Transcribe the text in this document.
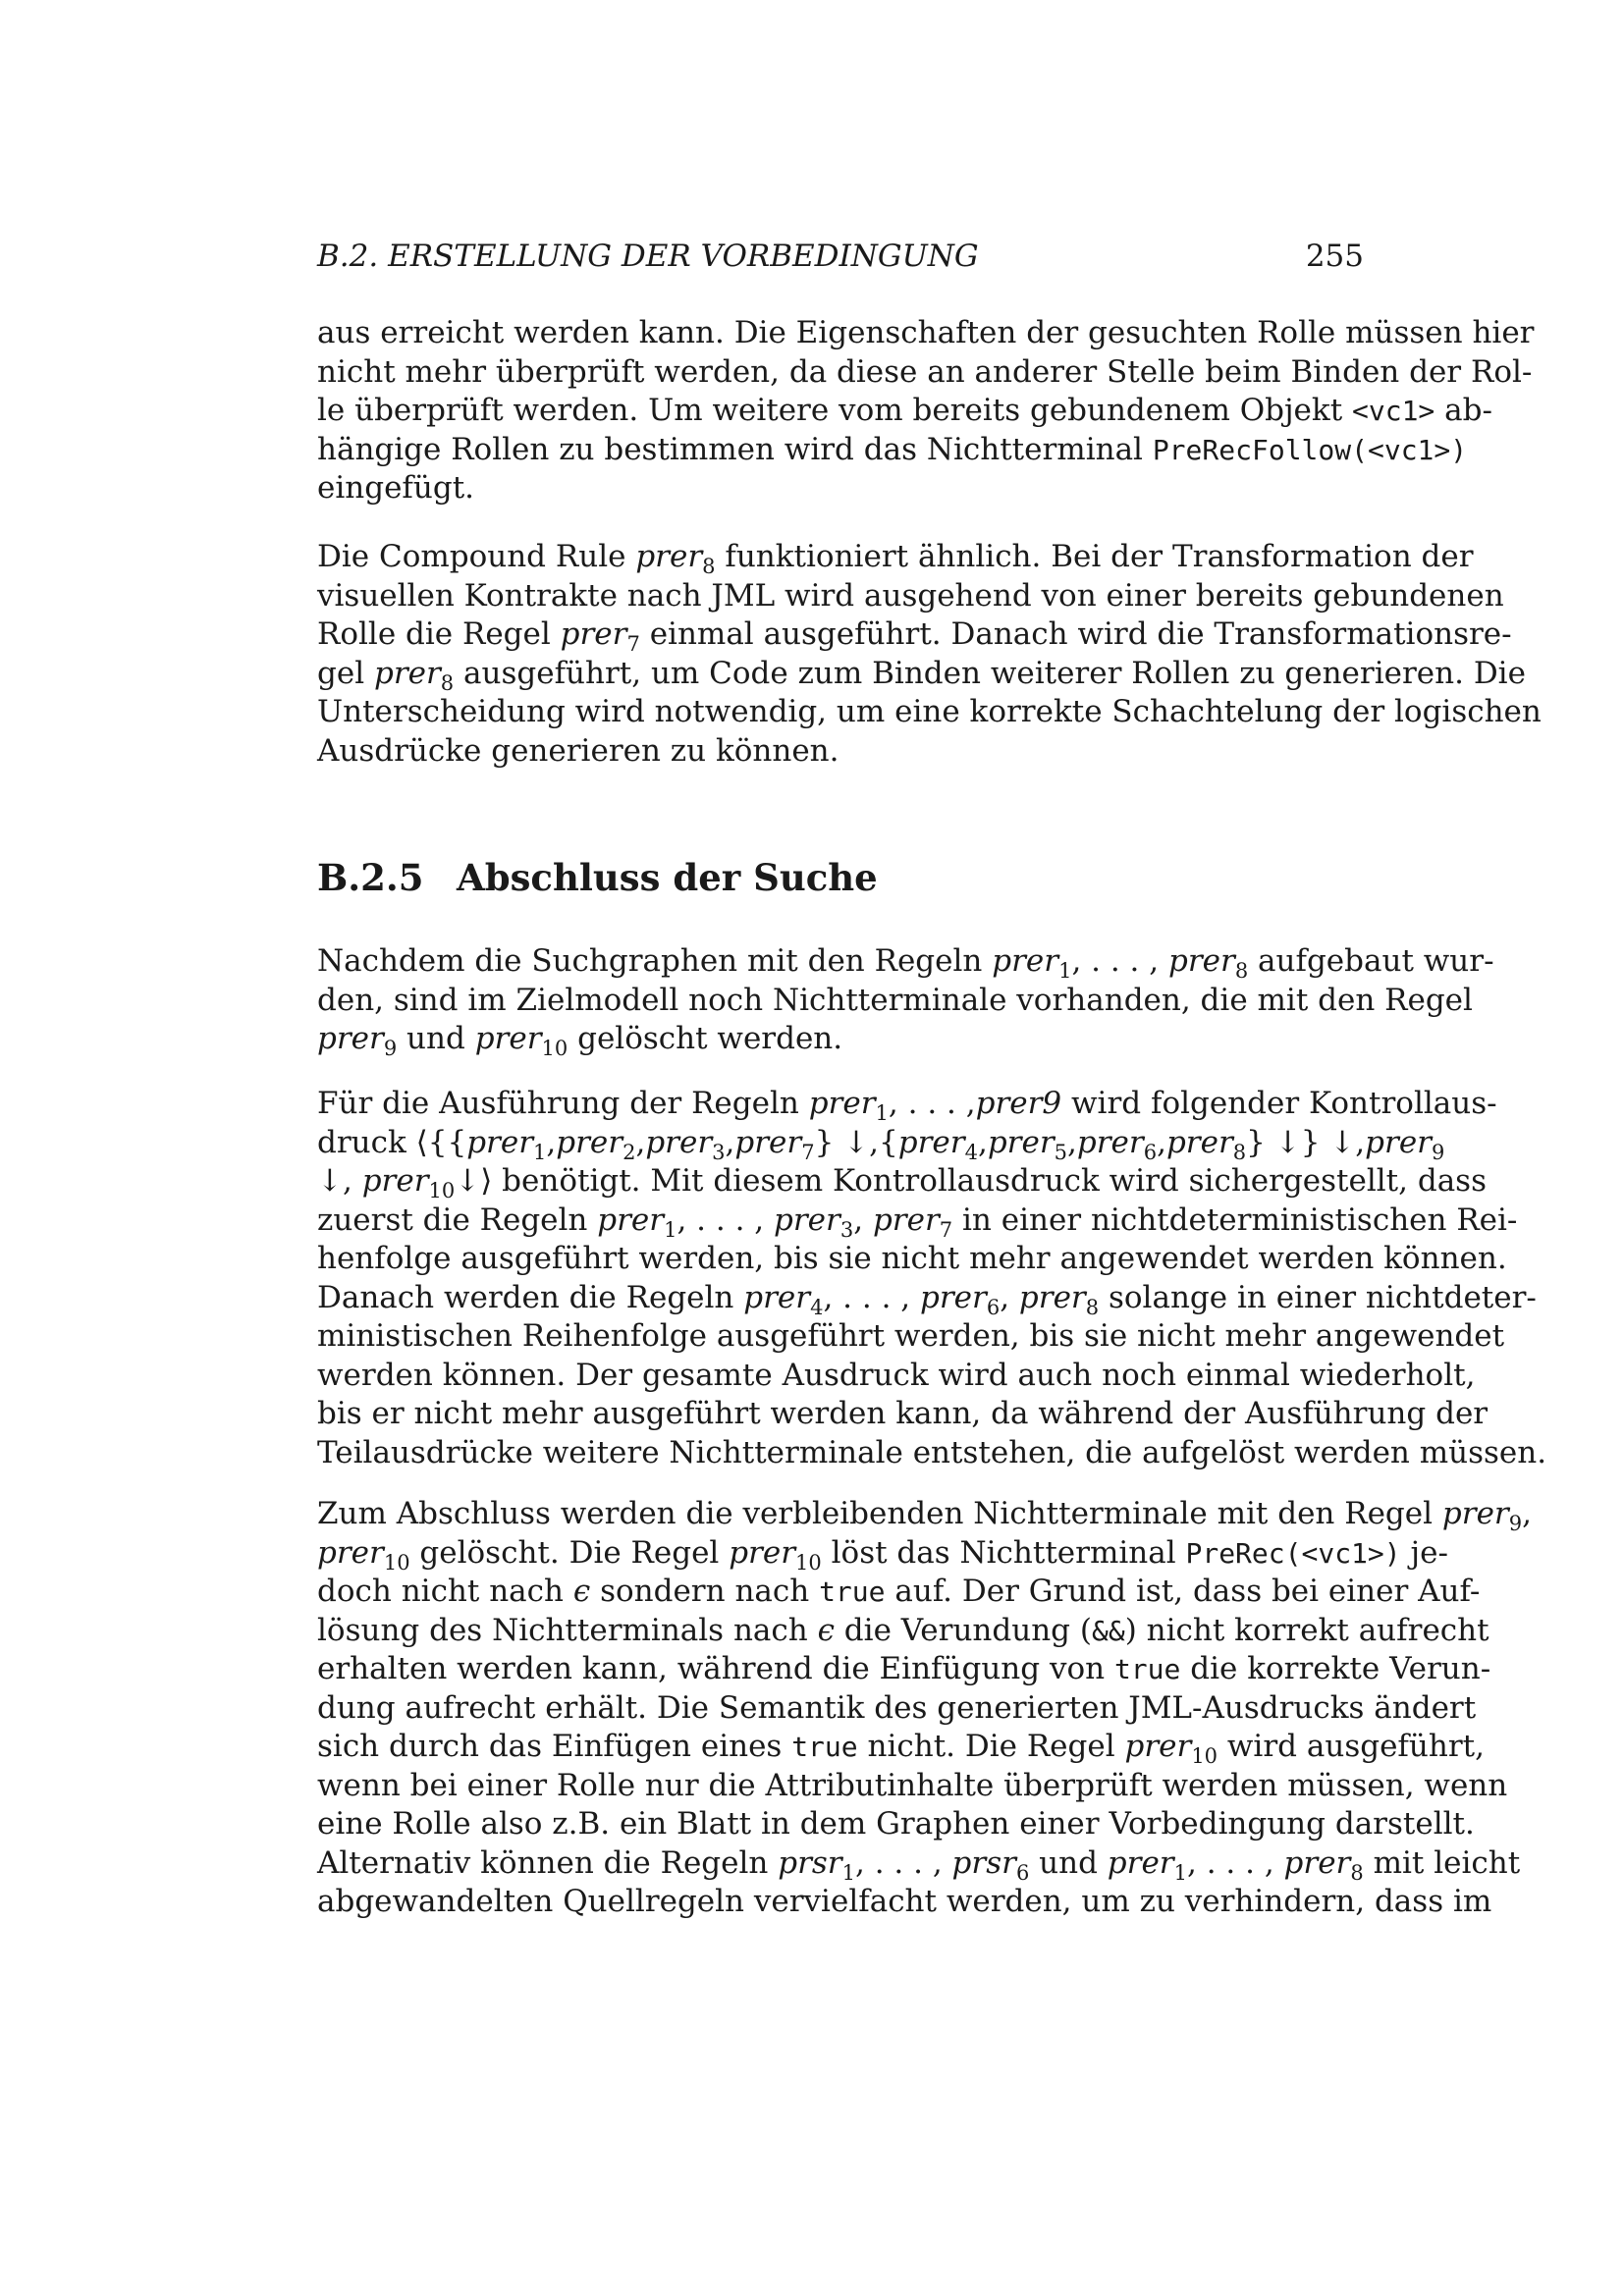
B.2. ERSTELLUNG DER VORBEDINGUNG	255
aus erreicht werden kann. Die Eigenschaften der gesuchten Rolle müssen hier
nicht mehr überprüft werden, da diese an anderer Stelle beim Binden der Rol-
le überprüft werden. Um weitere vom bereits gebundenem Objekt <vc1> ab-
hängige Rollen zu bestimmen wird das Nichtterminal PreRecFollow(<vc1>)
eingefügt.
Die Compound Rule prer$_8$ funktioniert ähnlich. Bei der Transformation der
visuellen Kontrakte nach JML wird ausgehend von einer bereits gebundenen
Rolle die Regel prer$_7$ einmal ausgeführt. Danach wird die Transformationsre-
gel prer$_8$ ausgeführt, um Code zum Binden weiterer Rollen zu generieren. Die
Unterscheidung wird notwendig, um eine korrekte Schachtelung der logischen
Ausdrücke generieren zu können.
B.2.5 Abschluss der Suche
Nachdem die Suchgraphen mit den Regeln prer$_1$, . . . , prer$_8$ aufgebaut wur-
den, sind im Zielmodell noch Nichtterminale vorhanden, die mit den Regel
prer$_9$ und prer$_{10}$ gelöscht werden.
Für die Ausführung der Regeln prer$_1$, . . . ,prer9 wird folgender Kontrollaus-
druck ⟨{{prer$_1$,prer$_2$,prer$_3$,prer$_7$} ↓,{prer$_4$,prer$_5$,prer$_6$,prer$_8$} ↓} ↓,prer$_9$
↓, prer$_{10}$↓⟩ benötigt. Mit diesem Kontrollausdruck wird sichergestellt, dass
zuerst die Regeln prer$_1$, . . . , prer$_3$, prer$_7$ in einer nichtdeterministischen Rei-
henfolge ausgeführt werden, bis sie nicht mehr angewendet werden können.
Danach werden die Regeln prer$_4$, . . . , prer$_6$, prer$_8$ solange in einer nichtdeter-
ministischen Reihenfolge ausgeführt werden, bis sie nicht mehr angewendet
werden können. Der gesamte Ausdruck wird auch noch einmal wiederholt,
bis er nicht mehr ausgeführt werden kann, da während der Ausführung der
Teilausdrücke weitere Nichtterminale entstehen, die aufgelöst werden müssen.
Zum Abschluss werden die verbleibenden Nichtterminale mit den Regel prer$_9$,
prer$_{10}$ gelöscht. Die Regel prer$_{10}$ löst das Nichtterminal PreRec(<vc1>) je-
doch nicht nach ϵ sondern nach true auf. Der Grund ist, dass bei einer Auf-
lösung des Nichtterminals nach ϵ die Verundung (&&) nicht korrekt aufrecht
erhalten werden kann, während die Einfügung von true die korrekte Verun-
dung aufrecht erhält. Die Semantik des generierten JML-Ausdrucks ändert
sich durch das Einfügen eines true nicht. Die Regel prer$_{10}$ wird ausgeführt,
wenn bei einer Rolle nur die Attributinhalte überprüft werden müssen, wenn
eine Rolle also z.B. ein Blatt in dem Graphen einer Vorbedingung darstellt.
Alternativ können die Regeln prsr$_1$, . . . , prsr$_6$ und prer$_1$, . . . , prer$_8$ mit leicht
abgewandelten Quellregeln vervielfacht werden, um zu verhindern, dass im
